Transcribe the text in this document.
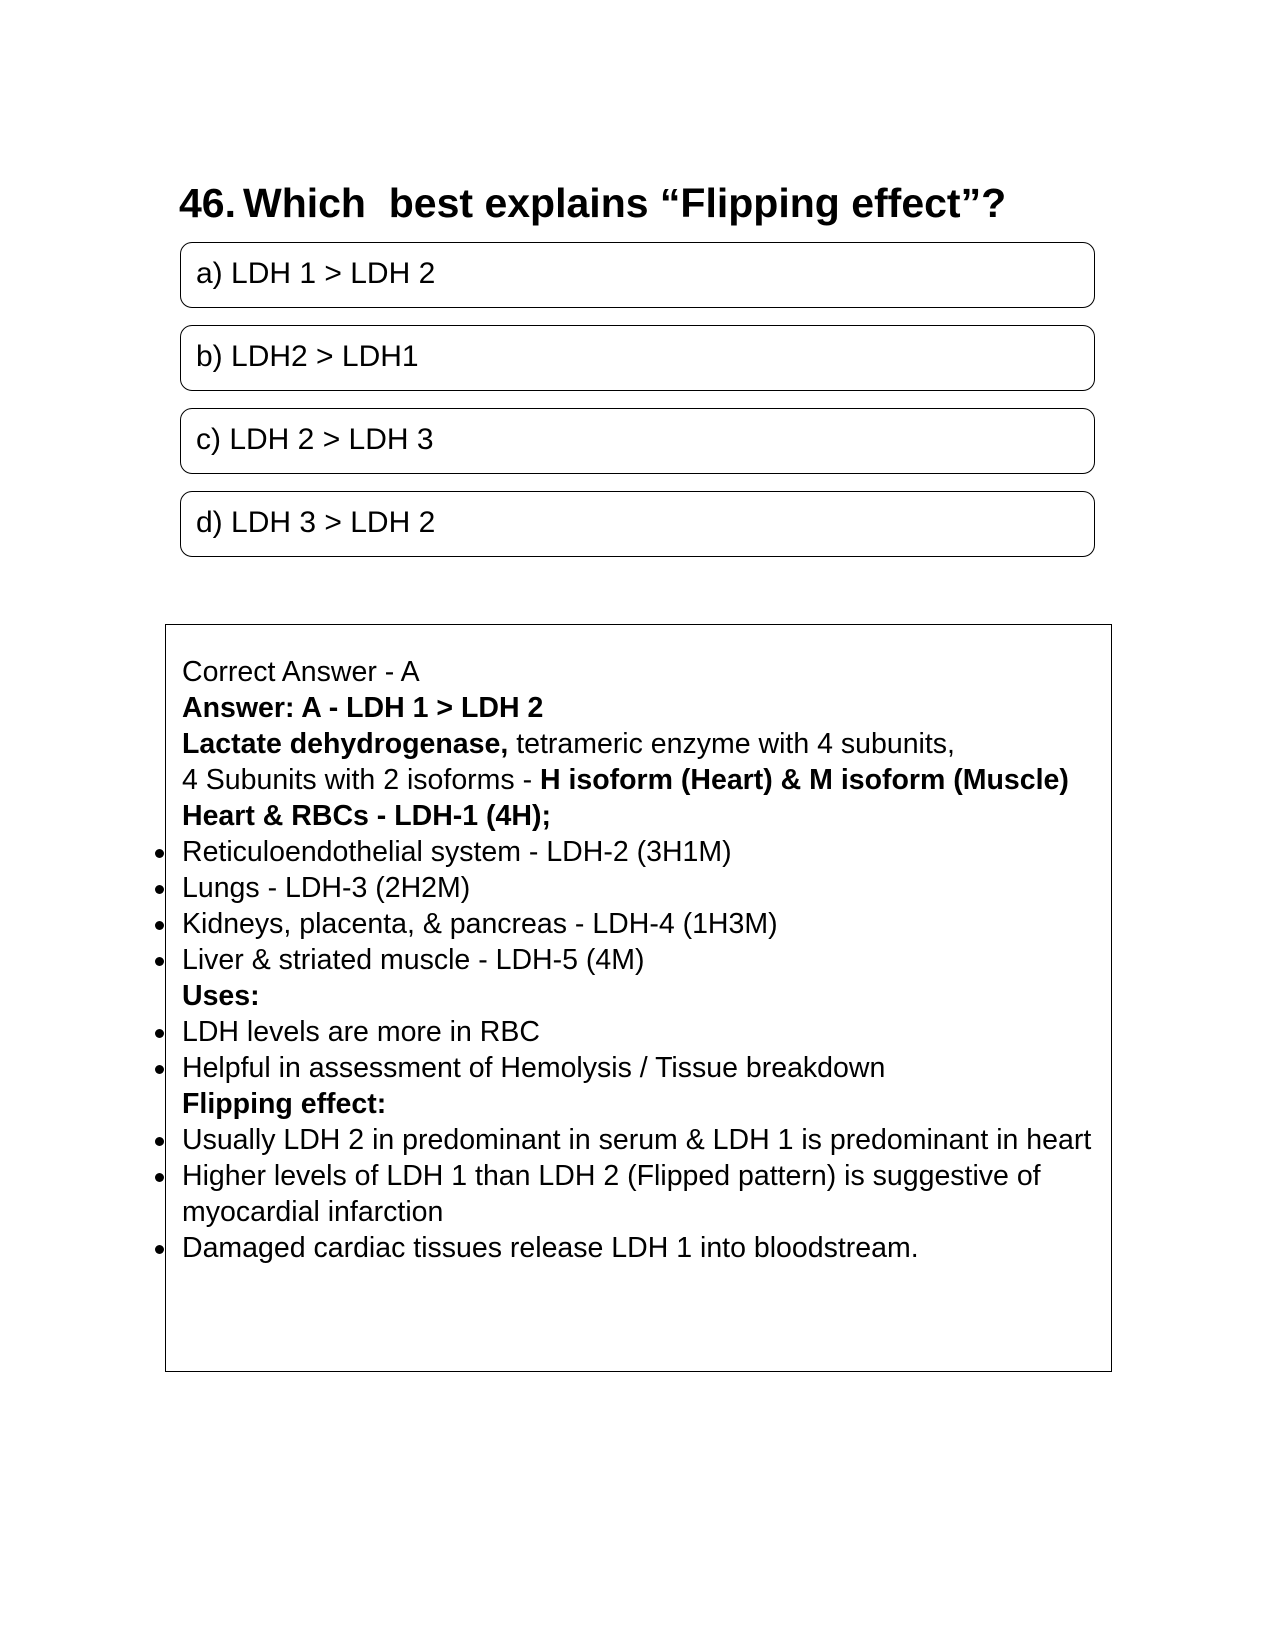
46. Which  best explains “Flipping effect”?
a) LDH 1 > LDH 2
b) LDH2 > LDH1
c) LDH 2 > LDH 3
d) LDH 3 > LDH 2

Correct Answer - A

Answer: A - LDH 1 > LDH 2

Lactate dehydrogenase, tetrameric enzyme with 4 subunits,

4 Subunits with 2 isoforms - H isoform (Heart) & M isoform (Muscle)

Heart & RBCs - LDH-1 (4H);

Reticuloendothelial system - LDH-2 (3H1M)

Lungs - LDH-3 (2H2M)

Kidneys, placenta, & pancreas - LDH-4 (1H3M)

Liver & striated muscle - LDH-5 (4M)

Uses:

LDH levels are more in RBC

Helpful in assessment of Hemolysis / Tissue breakdown

Flipping effect:

Usually LDH 2 in predominant in serum & LDH 1 is predominant in heart

Higher levels of LDH 1 than LDH 2 (Flipped pattern) is suggestive of myocardial infarction

Damaged cardiac tissues release LDH 1 into bloodstream.
